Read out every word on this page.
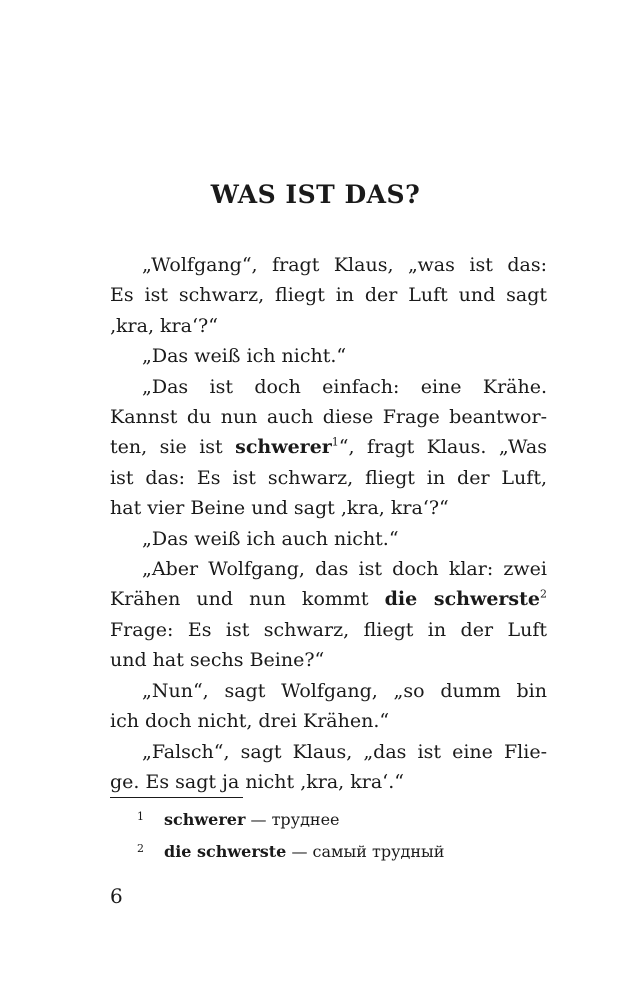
WAS IST DAS?
„Wolfgang“, fragt Klaus, „was ist das:
Es ist schwarz, fliegt in der Luft und sagt
‚kra, kra‘?“
„Das weiß ich nicht.“
„Das ist doch einfach: eine Krähe.
Kannst du nun auch diese Frage beantwor-
ten, sie ist schwerer$^1$“, fragt Klaus. „Was
ist das: Es ist schwarz, fliegt in der Luft,
hat vier Beine und sagt ‚kra, kra‘?“
„Das weiß ich auch nicht.“
„Aber Wolfgang, das ist doch klar: zwei
Krähen und nun kommt die schwerste$^2$
Frage: Es ist schwarz, fliegt in der Luft
und hat sechs Beine?“
„Nun“, sagt Wolfgang, „so dumm bin
ich doch nicht, drei Krähen.“
„Falsch“, sagt Klaus, „das ist eine Flie-
ge. Es sagt ja nicht ‚kra, kra‘.“
1 schwerer — труднее
2 die schwerste — самый трудный
6
